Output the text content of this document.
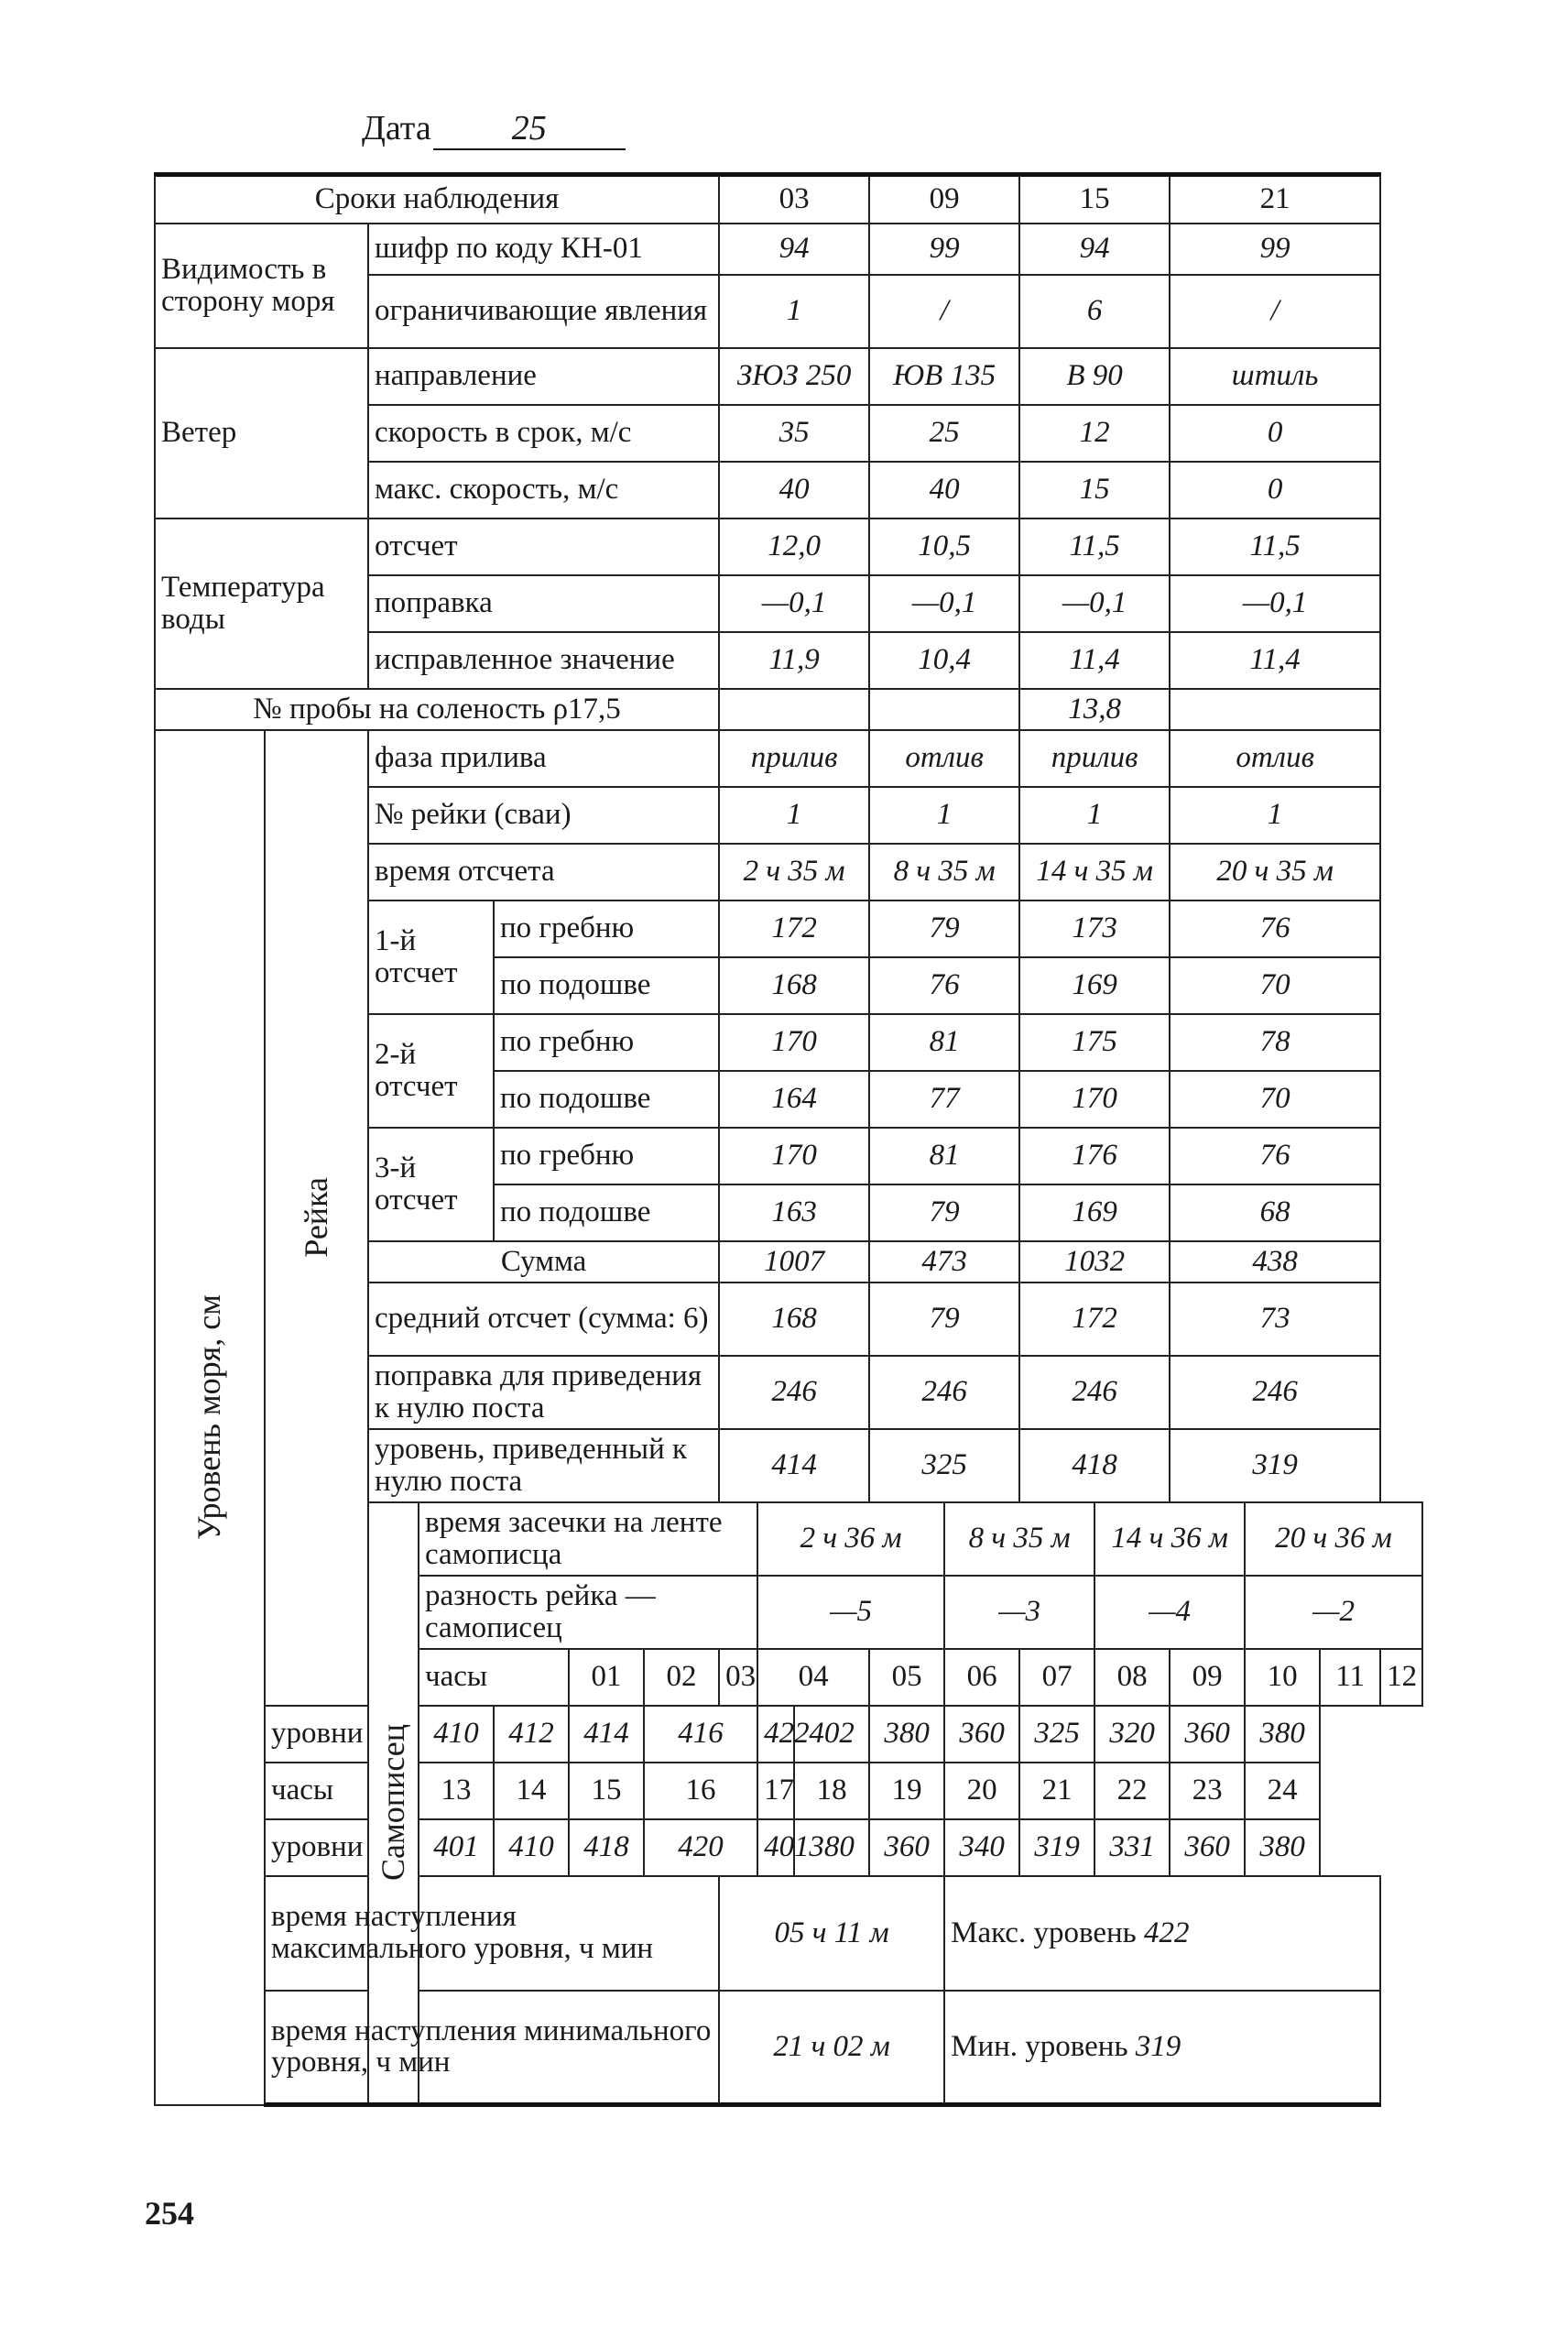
Дата 25
Сроки наблюдения							03			09		15		21			
Видимость в сторону моря		шифр по коду КН-01					94			99		94		99			
		ограничивающие явления					1			/		6		/			
Ветер		направление					ЗЮЗ 250			ЮВ 135		В 90		штиль			
		скорость в срок, м/с					35			25		12		0			
		макс. скорость, м/с					40			40		15		0			
Температура воды		отсчет					12,0			10,5		11,5		11,5			
		поправка					—0,1			—0,1		—0,1		—0,1			
		исправленное значение					11,9			10,4		11,4		11,4			
№ пробы на соленость ρ17,5												13,8					

Уровень моря, см	Рейка	фаза прилива					прилив			отлив		прилив		отлив			
		№ рейки (сваи)					1			1		1		1			
		время отсчета					2 ч 35 м			8 ч 35 м		14 ч 35 м		20 ч 35 м			
		1-й отсчет		по гребню			172			79		173		76			
				по подошве			168			76		169		70			
		2-й отсчет		по гребню			170			81		175		78			
				по подошве			164			77		170		70			
		3-й отсчет		по гребню			170			81		176		76			
				по подошве			163			79		169		68			
		Сумма					1007			473		1032		438			
		средний отсчет (сумма: 6)					168			79		172		73			
		поправка для приведения к нулю поста					246			246		246		246			
		уровень, приведенный к нулю поста					414			325		418		319			

		Самописец	время засечки на ленте самописца					2 ч 36 м			8 ч 35 м		14 ч 36 м		20 ч 36 м		
			разность рейка — самописец					—5			—3		—4		—2		
			часы		01	02	03	04		05	06	07	08	09	10	11	12
	уровни		410	412	414	416		422	402	380	360	325	320	360	380		
	часы		13	14	15	16		17	18	19	20	21	22	23	24		
	уровни		401	410	418	420		401	380	360	340	319	331	360	380		
	время наступления максимального уровня, ч мин						05 ч 11 м				Макс. уровень 422						
	время наступления минимального уровня, ч мин						21 ч 02 м				Мин. уровень 319						
254
